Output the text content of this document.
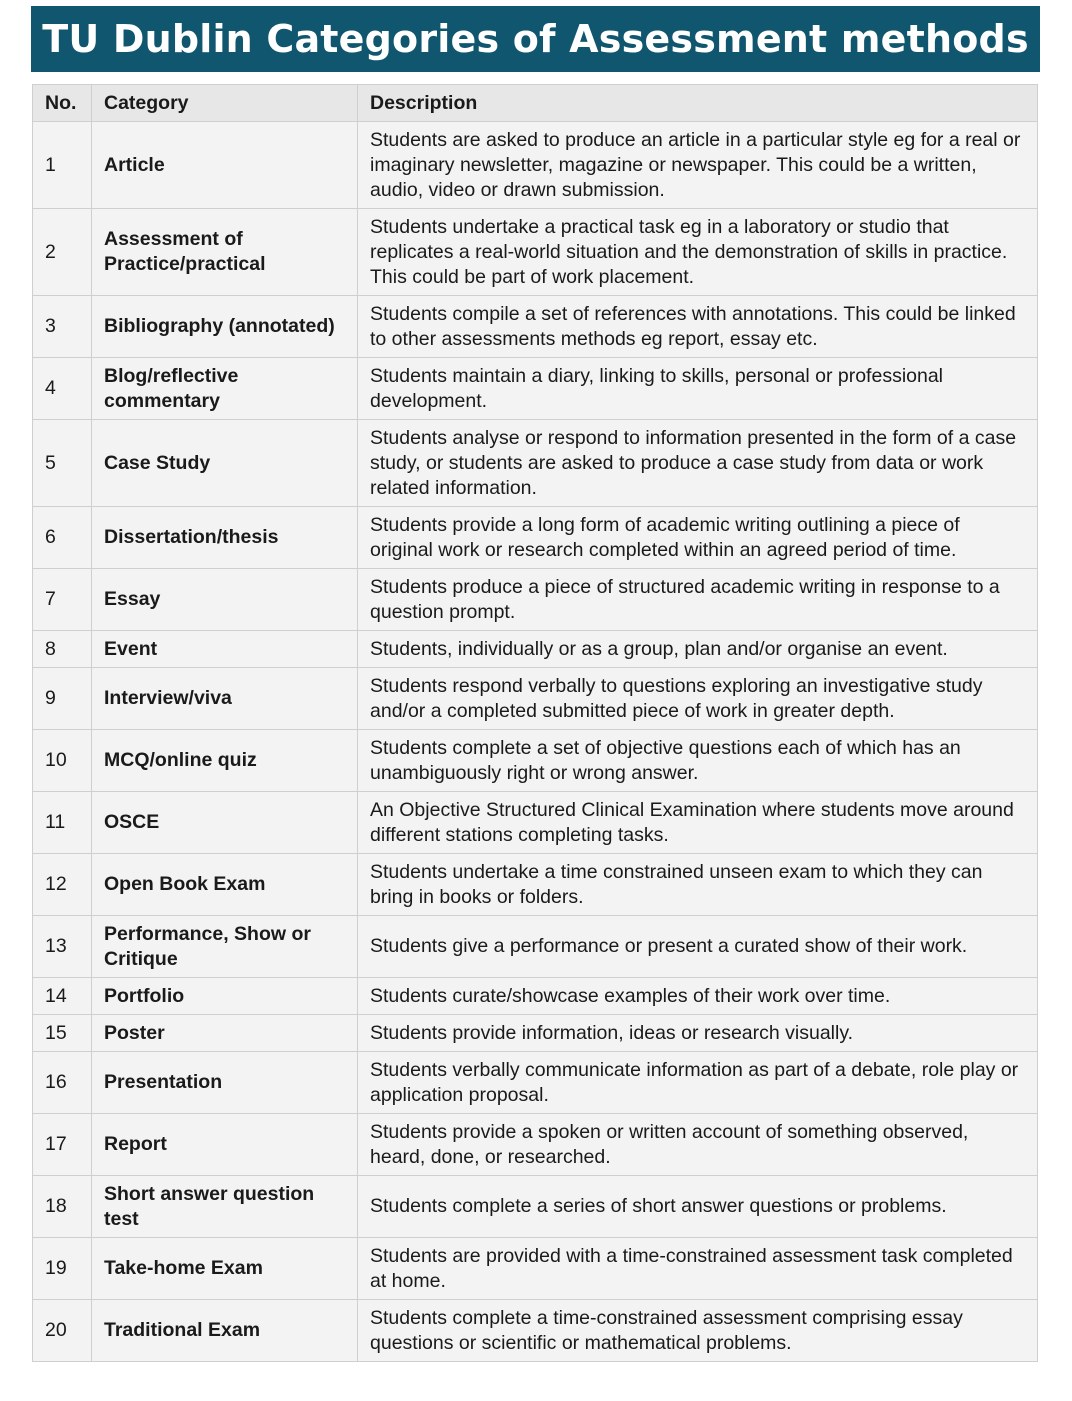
TU Dublin Categories of Assessment methods
No.	Category	Description
1	Article	Students are asked to produce an article in a particular style eg for a real or imaginary newsletter, magazine or newspaper. This could be a written, audio, video or drawn submission.
2	Assessment of Practice/practical	Students undertake a practical task eg in a laboratory or studio that replicates a real-world situation and the demonstration of skills in practice. This could be part of work placement.
3	Bibliography (annotated)	Students compile a set of references with annotations. This could be linked to other assessments methods eg report, essay etc.
4	Blog/reflective commentary	Students maintain a diary, linking to skills, personal or professional development.
5	Case Study	Students analyse or respond to information presented in the form of a case study, or students are asked to produce a case study from data or work related information.
6	Dissertation/thesis	Students provide a long form of academic writing outlining a piece of original work or research completed within an agreed period of time.
7	Essay	Students produce a piece of structured academic writing in response to a question prompt.
8	Event	Students, individually or as a group, plan and/or organise an event.
9	Interview/viva	Students respond verbally to questions exploring an investigative study and/or a completed submitted piece of work in greater depth.
10	MCQ/online quiz	Students complete a set of objective questions each of which has an unambiguously right or wrong answer.
11	OSCE	An Objective Structured Clinical Examination where students move around different stations completing tasks.
12	Open Book Exam	Students undertake a time constrained unseen exam to which they can bring in books or folders.
13	Performance, Show or Critique	Students give a performance or present a curated show of their work.
14	Portfolio	Students curate/showcase examples of their work over time.
15	Poster	Students provide information, ideas or research visually.
16	Presentation	Students verbally communicate information as part of a debate, role play or application proposal.
17	Report	Students provide a spoken or written account of something observed, heard, done, or researched.
18	Short answer question test	Students complete a series of short answer questions or problems.
19	Take-home Exam	Students are provided with a time-constrained assessment task completed at home.
20	Traditional Exam	Students complete a time-constrained assessment comprising essay questions or scientific or mathematical problems.
